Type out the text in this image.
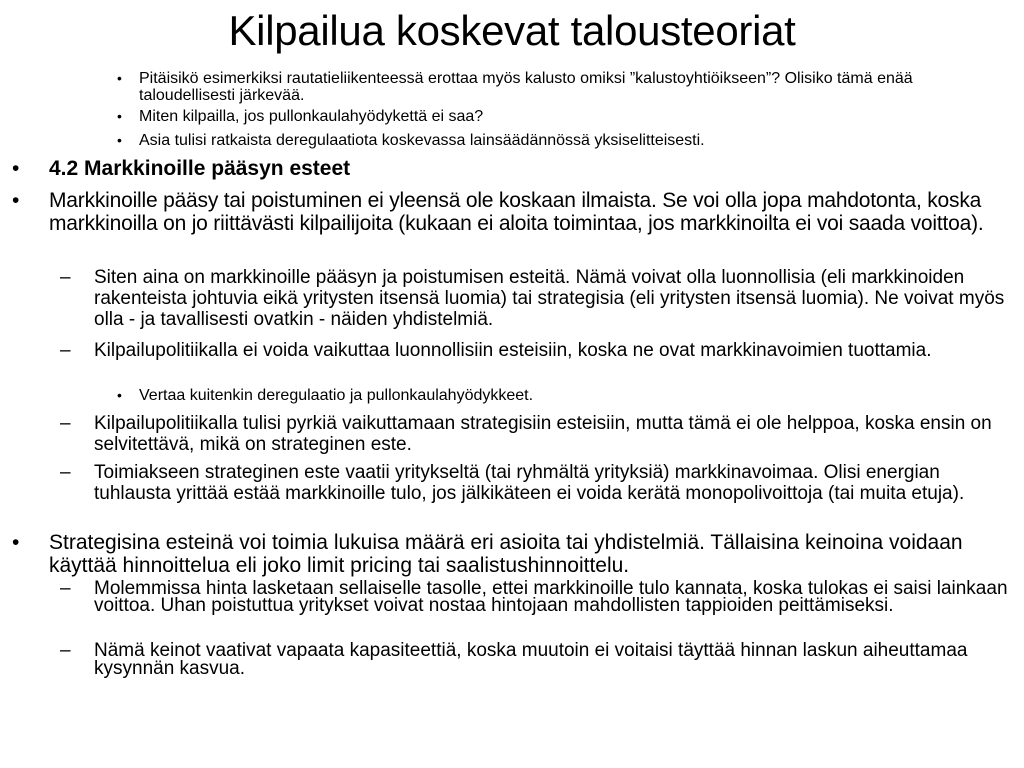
Kilpailua koskevat talousteoriat
•	Pitäisikö esimerkiksi rautatieliikenteessä erottaa myös kalusto omiksi ”kalustoyhtiöikseen”? Olisiko tämä enää taloudellisesti järkevää.
•	Miten kilpailla, jos pullonkaulahyödykettä ei saa?
•	Asia tulisi ratkaista deregulaatiota koskevassa lainsäädännössä yksiselitteisesti.
•	4.2 Markkinoille pääsyn esteet
•	Markkinoille pääsy tai poistuminen ei yleensä ole koskaan ilmaista. Se voi olla jopa mahdotonta, koska markkinoilla on jo riittävästi kilpailijoita (kukaan ei aloita toimintaa, jos markkinoilta ei voi saada voittoa).
–	Siten aina on markkinoille pääsyn ja poistumisen esteitä. Nämä voivat olla luonnollisia (eli markkinoiden rakenteista johtuvia eikä yritysten itsensä luomia) tai strategisia (eli yritysten itsensä luomia). Ne voivat myös olla - ja tavallisesti ovatkin - näiden yhdistelmiä.
–	Kilpailupolitiikalla ei voida vaikuttaa luonnollisiin esteisiin, koska ne ovat markkinavoimien tuottamia.
•	Vertaa kuitenkin deregulaatio ja pullonkaulahyödykkeet.
–	Kilpailupolitiikalla tulisi pyrkiä vaikuttamaan strategisiin esteisiin, mutta tämä ei ole helppoa, koska ensin on selvitettävä, mikä on strateginen este.
–	Toimiakseen strateginen este vaatii yritykseltä (tai ryhmältä yrityksiä) markkinavoimaa. Olisi energian tuhlausta yrittää estää markkinoille tulo, jos jälkikäteen ei voida kerätä monopolivoittoja (tai muita etuja).
•	Strategisina esteinä voi toimia lukuisa määrä eri asioita tai yhdistelmiä. Tällaisina keinoina voidaan käyttää hinnoittelua eli joko limit pricing tai saalistushinnoittelu.
–	Molemmissa hinta lasketaan sellaiselle tasolle, ettei markkinoille tulo kannata, koska tulokas ei saisi lainkaan voittoa. Uhan poistuttua yritykset voivat nostaa hintojaan mahdollisten tappioiden peittämiseksi.
–	Nämä keinot vaativat vapaata kapasiteettiä, koska muutoin ei voitaisi täyttää hinnan laskun aiheuttamaa kysynnän kasvua.
